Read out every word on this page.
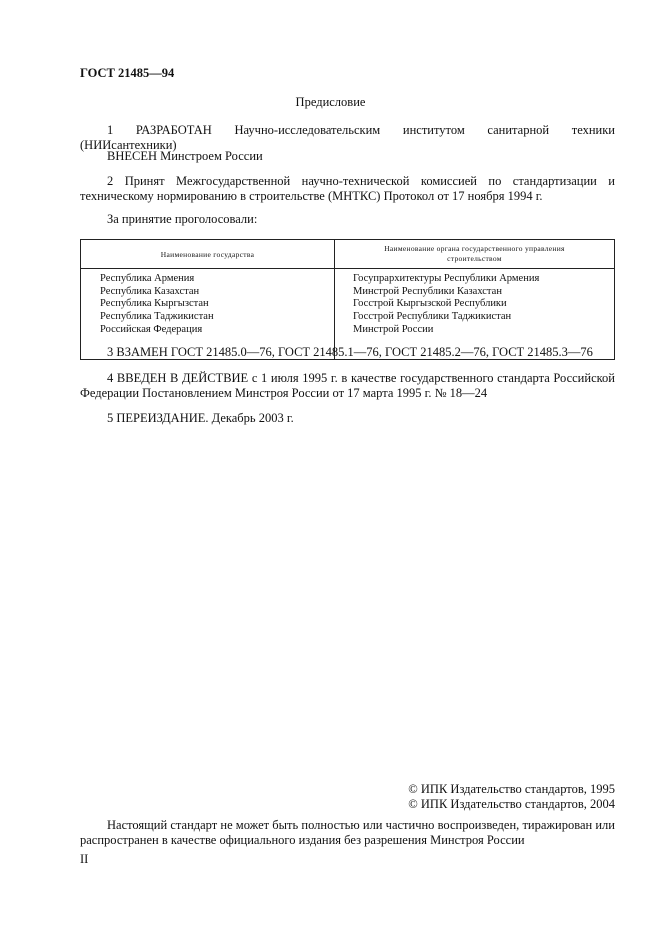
ГОСТ 21485—94
Предисловие
1 РАЗРАБОТАН Научно-исследовательским институтом санитарной техники (НИИсантехники)
ВНЕСЕН Минстроем России
2 Принят Межгосударственной научно-технической комиссией по стандартизации и техническому нормированию в строительстве (МНТКС) Протокол от 17 ноября 1994 г.
За принятие проголосовали:
Наименование государства
Наименование органа государственного управления
строительством
Республика Армения
Республика Казахстан
Республика Кыргызстан
Республика Таджикистан
Российская Федерация
Госупрархитектуры Республики Армения
Минстрой Республики Казахстан
Госстрой Кыргызской Республики
Госстрой Республики Таджикистан
Минстрой России
3 ВЗАМЕН ГОСТ 21485.0—76, ГОСТ 21485.1—76, ГОСТ 21485.2—76, ГОСТ 21485.3—76
4 ВВЕДЕН В ДЕЙСТВИЕ с 1 июля 1995 г. в качестве государственного стандарта Российской Федерации Постановлением Минстроя России от 17 марта 1995 г. № 18—24
5 ПЕРЕИЗДАНИЕ. Декабрь 2003 г.
© ИПК Издательство стандартов, 1995
© ИПК Издательство стандартов, 2004
Настоящий стандарт не может быть полностью или частично воспроизведен, тиражирован или распространен в качестве официального издания без разрешения Минстроя России
II
